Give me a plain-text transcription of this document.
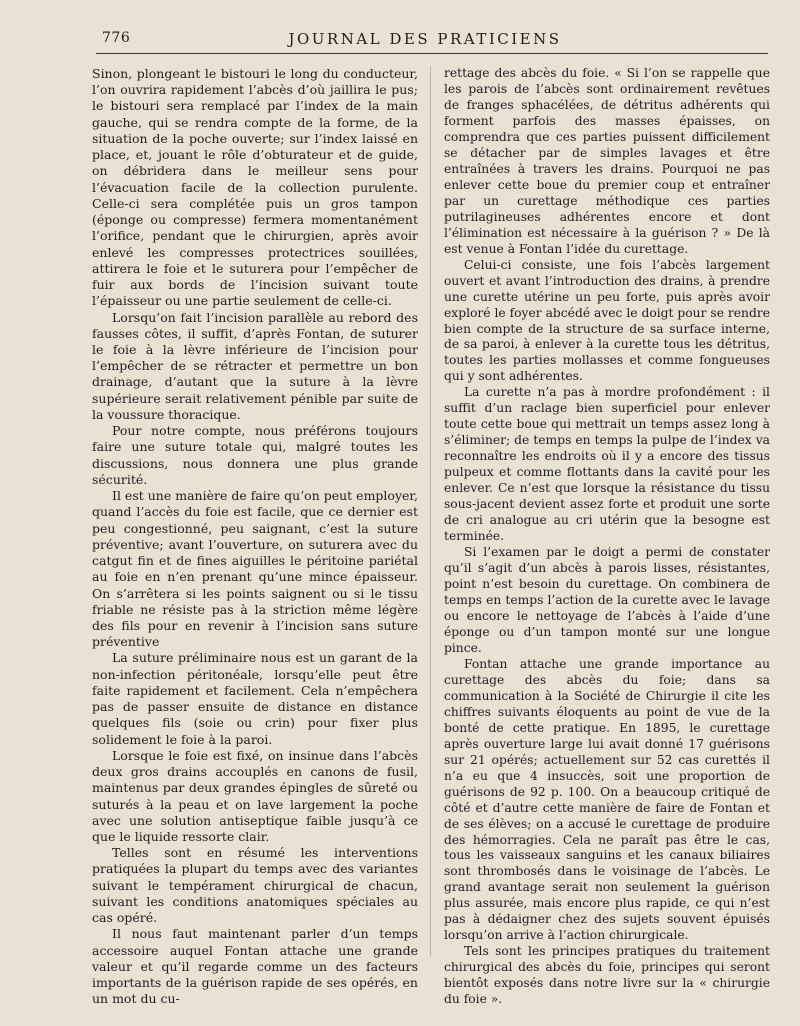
776	JOURNAL DES PRATICIENS

Sinon, plongeant le bistouri le long du conducteur, l’on ouvrira rapidement l’abcès d’où jaillira le pus; le bistouri sera remplacé par l’index de la main gauche, qui se rendra compte de la forme, de la situation de la poche ouverte; sur l’index laissé en place, et, jouant le rôle d’obturateur et de guide, on débridera dans le meilleur sens pour l’évacuation facile de la collection purulente. Celle-ci sera complétée puis un gros tampon (éponge ou compresse) fermera momentanément l’orifice, pendant que le chirurgien, après avoir enlevé les compresses protectrices souillées, attirera le foie et le suturera pour l’empêcher de fuir aux bords de l’incision suivant toute l’épaisseur ou une partie seulement de celle-ci.

Lorsqu’on fait l’incision parallèle au rebord des fausses côtes, il suffit, d’après Fontan, de suturer le foie à la lèvre inférieure de l’incision pour l’empêcher de se rétracter et permettre un bon drainage, d’autant que la suture à la lèvre supérieure serait relativement pénible par suite de la voussure thoracique.

Pour notre compte, nous préférons toujours faire une suture totale qui, malgré toutes les discussions, nous donnera une plus grande sécurité.

Il est une manière de faire qu’on peut employer, quand l’accès du foie est facile, que ce dernier est peu congestionné, peu saignant, c’est la suture préventive; avant l’ouverture, on suturera avec du catgut fin et de fines aiguilles le péritoine pariétal au foie en n’en prenant qu’une mince épaisseur. On s’arrêtera si les points saignent ou si le tissu friable ne résiste pas à la striction même légère des fils pour en revenir à l’incision sans suture préventive

La suture préliminaire nous est un garant de la non-infection péritonéale, lorsqu’elle peut être faite rapidement et facilement. Cela n’empêchera pas de passer ensuite de distance en distance quelques fils (soie ou crin) pour fixer plus solidement le foie à la paroi.

Lorsque le foie est fixé, on insinue dans l’abcès deux gros drains accouplés en canons de fusil, maintenus par deux grandes épingles de sûreté ou suturés à la peau et on lave largement la poche avec une solution antiseptique faible jusqu’à ce que le liquide ressorte clair.

Telles sont en résumé les interventions pratiquées la plupart du temps avec des variantes suivant le tempérament chirurgical de chacun, suivant les conditions anatomiques spéciales au cas opéré.

Il nous faut maintenant parler d’un temps accessoire auquel Fontan attache une grande valeur et qu’il regarde comme un des facteurs importants de la guérison rapide de ses opérés, en un mot du cu-

rettage des abcès du foie. « Si l’on se rappelle que les parois de l’abcès sont ordinairement revêtues de franges sphacélées, de détritus adhérents qui forment parfois des masses épaisses, on comprendra que ces parties puissent difficilement se détacher par de simples lavages et être entraînées à travers les drains. Pourquoi ne pas enlever cette boue du premier coup et entraîner par un curettage méthodique ces parties putrilagineuses adhérentes encore et dont l’élimination est nécessaire à la guérison ? » De là est venue à Fontan l’idée du curettage.

Celui-ci consiste, une fois l’abcès largement ouvert et avant l’introduction des drains, à prendre une curette utérine un peu forte, puis après avoir exploré le foyer abcédé avec le doigt pour se rendre bien compte de la structure de sa surface interne, de sa paroi, à enlever à la curette tous les détritus, toutes les parties mollasses et comme fongueuses qui y sont adhérentes.

La curette n’a pas à mordre profondément : il suffit d’un raclage bien superficiel pour enlever toute cette boue qui mettrait un temps assez long à s’éliminer; de temps en temps la pulpe de l’index va reconnaître les endroits où il y a encore des tissus pulpeux et comme flottants dans la cavité pour les enlever. Ce n’est que lorsque la résistance du tissu sous-jacent devient assez forte et produit une sorte de cri analogue au cri utérin que la besogne est terminée.

Si l’examen par le doigt a permi de constater qu’il s’agit d’un abcès à parois lisses, résistantes, point n’est besoin du curettage. On combinera de temps en temps l’action de la curette avec le lavage ou encore le nettoyage de l’abcès à l’aide d’une éponge ou d’un tampon monté sur une longue pince.

Fontan attache une grande importance au curettage des abcès du foie; dans sa communication à la Société de Chirurgie il cite les chiffres suivants éloquents au point de vue de la bonté de cette pratique. En 1895, le curettage après ouverture large lui avait donné 17 guérisons sur 21 opérés; actuellement sur 52 cas curettés il n’a eu que 4 insuccès, soit une proportion de guérisons de 92 p. 100. On a beaucoup critiqué de côté et d’autre cette manière de faire de Fontan et de ses élèves; on a accusé le curettage de produire des hémorragies. Cela ne paraît pas être le cas, tous les vaisseaux sanguins et les canaux biliaires sont thrombosés dans le voisinage de l’abcès. Le grand avantage serait non seulement la guérison plus assurée, mais encore plus rapide, ce qui n’est pas à dédaigner chez des sujets souvent épuisés lorsqu’on arrive à l’action chirurgicale.

Tels sont les principes pratiques du traitement chirurgical des abcès du foie, principes qui seront bientôt exposés dans notre livre sur la « chirurgie du foie ».
